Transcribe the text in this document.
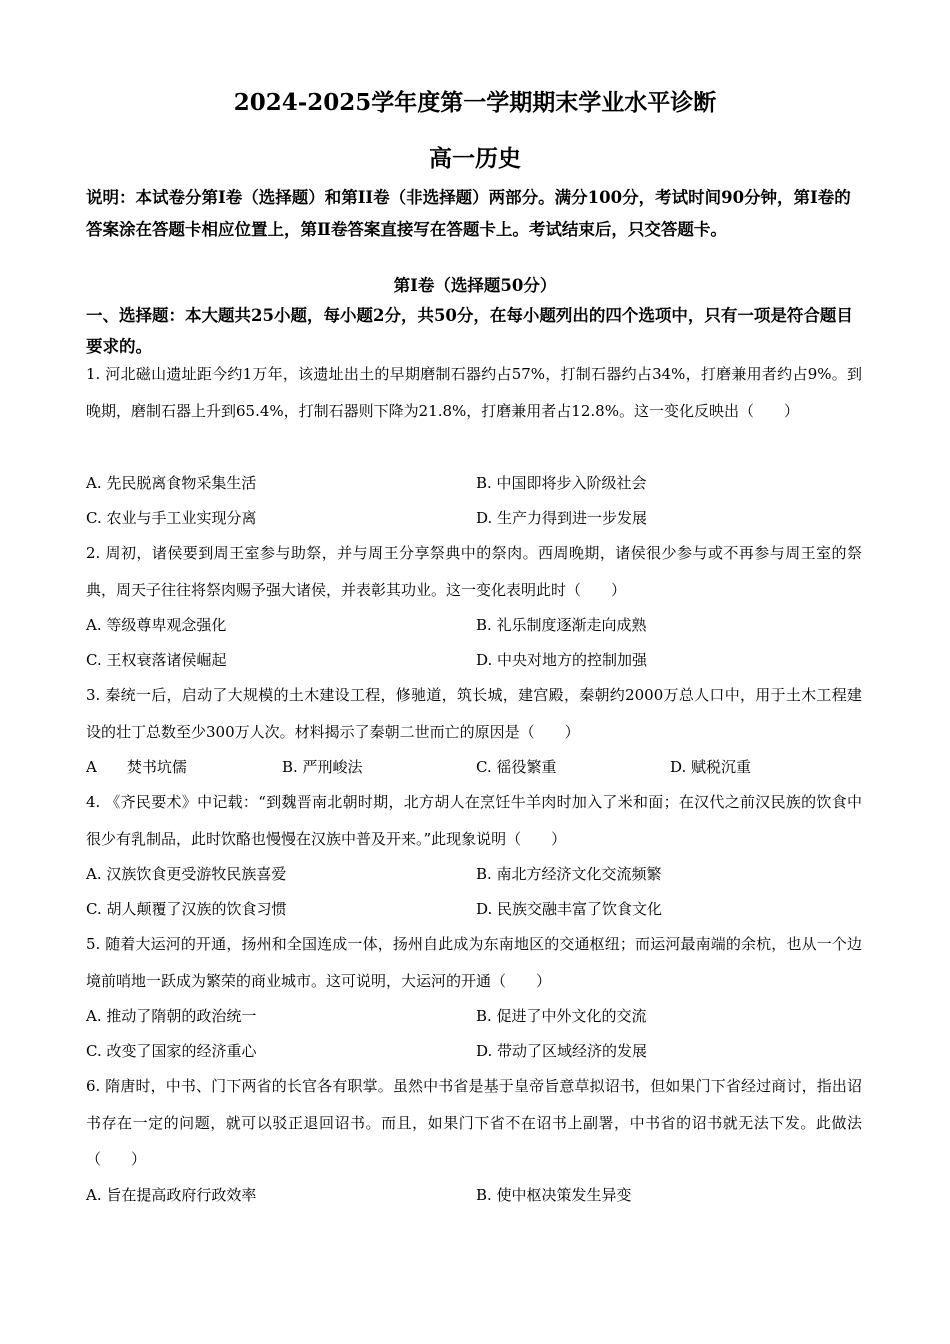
2024-2025学年度第一学期期末学业水平诊断
高一历史
说明：本试卷分第I卷（选择题）和第II卷（非选择题）两部分。满分100分，考试时间90分钟，第I卷的答案涂在答题卡相应位置上，第Ⅱ卷答案直接写在答题卡上。考试结束后，只交答题卡。
第Ⅰ卷（选择题50分）
一、选择题：本大题共25小题，每小题2分，共50分，在每小题列出的四个选项中，只有一项是符合题目要求的。
1. 河北磁山遗址距今约1万年，该遗址出土的早期磨制石器约占57%，打制石器约占34%，打磨兼用者约占9%。到晚期，磨制石器上升到65.4%，打制石器则下降为21.8%，打磨兼用者占12.8%。这一变化反映出（　　）
A. 先民脱离食物采集生活	B. 中国即将步入阶级社会
C. 农业与手工业实现分离	D. 生产力得到进一步发展
2. 周初，诸侯要到周王室参与助祭，并与周王分享祭典中的祭肉。西周晚期，诸侯很少参与或不再参与周王室的祭典，周天子往往将祭肉赐予强大诸侯，并表彰其功业。这一变化表明此时（　　）
A. 等级尊卑观念强化	B. 礼乐制度逐渐走向成熟
C. 王权衰落诸侯崛起	D. 中央对地方的控制加强
3. 秦统一后，启动了大规模的土木建设工程，修驰道，筑长城，建宫殿，秦朝约2000万总人口中，用于土木工程建设的壮丁总数至少300万人次。材料揭示了秦朝二世而亡的原因是（　　）
A　　焚书坑儒	B. 严刑峻法	C. 徭役繁重	D. 赋税沉重
4. 《齐民要术》中记载：“到魏晋南北朝时期，北方胡人在烹饪牛羊肉时加入了米和面；在汉代之前汉民族的饮食中很少有乳制品，此时饮酪也慢慢在汉族中普及开来。”此现象说明（　　）
A. 汉族饮食更受游牧民族喜爱	B. 南北方经济文化交流频繁
C. 胡人颠覆了汉族的饮食习惯	D. 民族交融丰富了饮食文化
5. 随着大运河的开通，扬州和全国连成一体，扬州自此成为东南地区的交通枢纽；而运河最南端的余杭，也从一个边境前哨地一跃成为繁荣的商业城市。这可说明，大运河的开通（　　）
A. 推动了隋朝的政治统一	B. 促进了中外文化的交流
C. 改变了国家的经济重心	D. 带动了区域经济的发展
6. 隋唐时，中书、门下两省的长官各有职掌。虽然中书省是基于皇帝旨意草拟诏书，但如果门下省经过商讨，指出诏书存在一定的问题，就可以驳正退回诏书。而且，如果门下省不在诏书上副署，中书省的诏书就无法下发。此做法（　　）
A. 旨在提高政府行政效率	B. 使中枢决策发生异变
